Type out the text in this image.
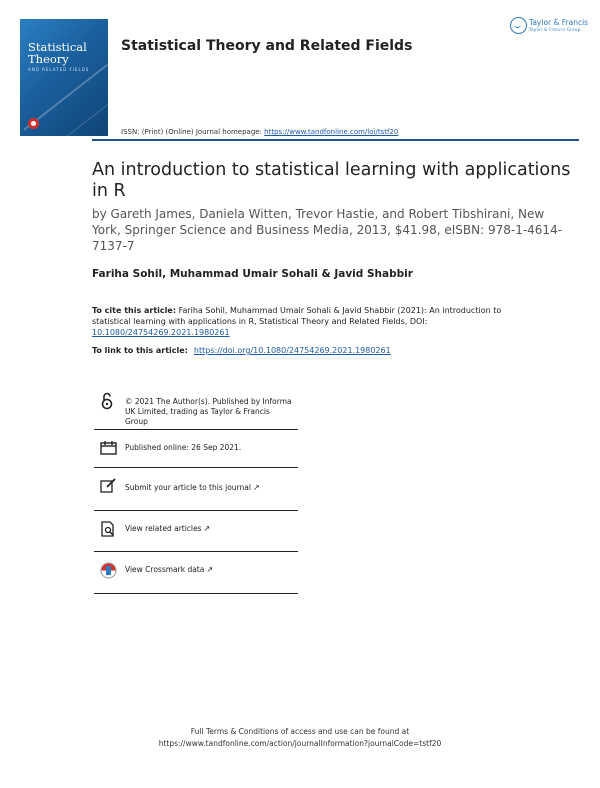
Statistical Theory
AND RELATED FIELDS
Statistical Theory and Related Fields
Taylor & Francis
Taylor & Francis Group
ISSN: (Print) (Online) Journal homepage: https://www.tandfonline.com/loi/tstf20
An introduction to statistical learning with applications in R
by Gareth James, Daniela Witten, Trevor Hastie, and Robert Tibshirani, New York, Springer Science and Business Media, 2013, $41.98, eISBN: 978-1-4614-7137-7
Fariha Sohil, Muhammad Umair Sohali & Javid Shabbir
To cite this article: Fariha Sohil, Muhammad Umair Sohali & Javid Shabbir (2021): An introduction to statistical learning with applications in R, Statistical Theory and Related Fields, DOI: 10.1080/24754269.2021.1980261
To link to this article: https://doi.org/10.1080/24754269.2021.1980261
© 2021 The Author(s). Published by Informa UK Limited, trading as Taylor & Francis Group
Published online: 26 Sep 2021.
Submit your article to this journal ↗
View related articles ↗
View Crossmark data ↗
Full Terms & Conditions of access and use can be found at
https://www.tandfonline.com/action/journalInformation?journalCode=tstf20
